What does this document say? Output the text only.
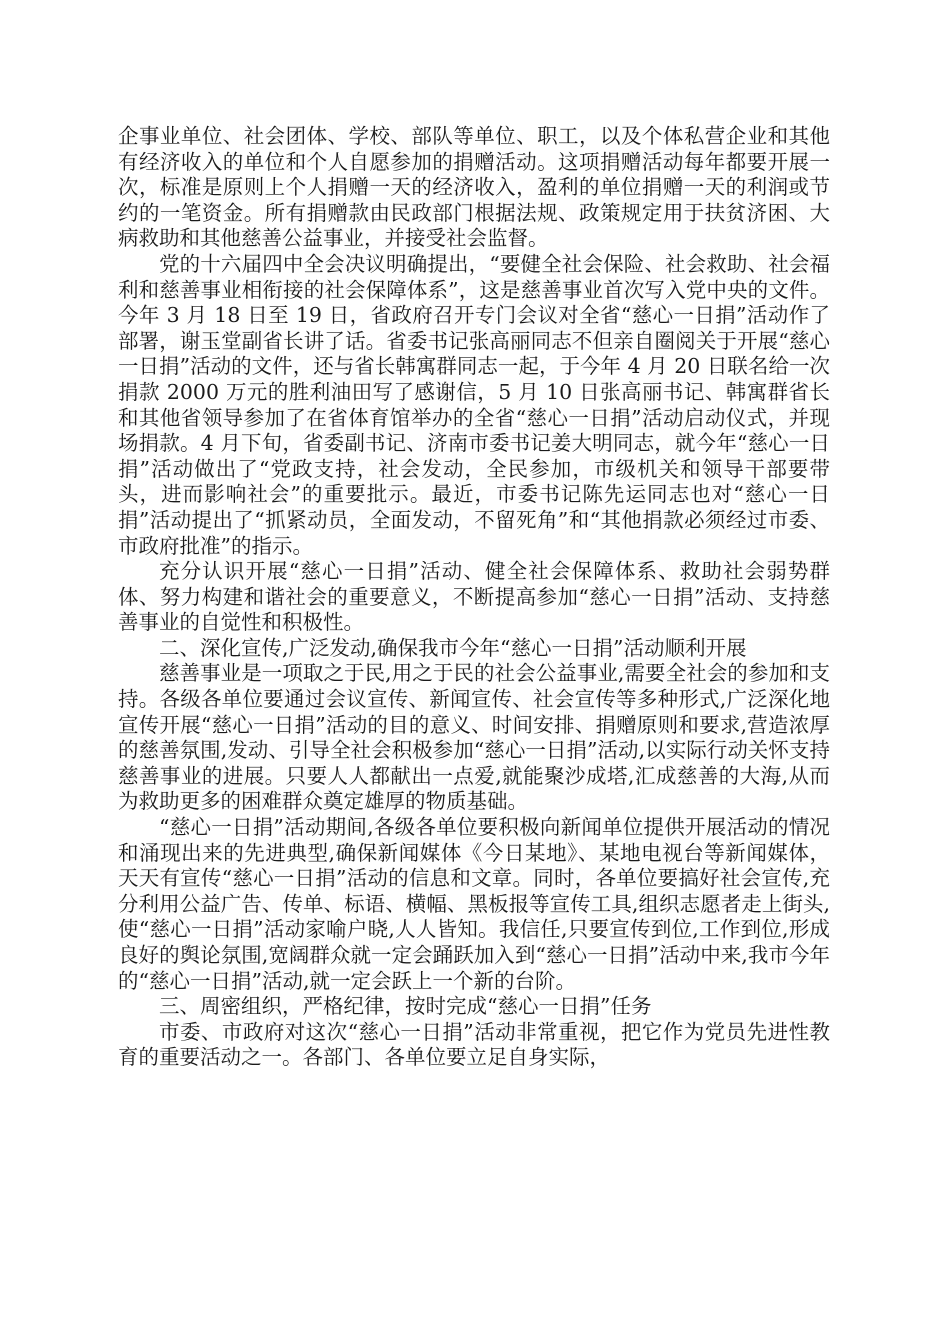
企事业单位、社会团体、学校、部队等单位、职工，以及个体私营企业和其他有经济收入的单位和个人自愿参加的捐赠活动。这项捐赠活动每年都要开展一次，标准是原则上个人捐赠一天的经济收入，盈利的单位捐赠一天的利润或节约的一笔资金。所有捐赠款由民政部门根据法规、政策规定用于扶贫济困、大病救助和其他慈善公益事业，并接受社会监督。

党的十六届四中全会决议明确提出，“要健全社会保险、社会救助、社会福利和慈善事业相衔接的社会保障体系”，这是慈善事业首次写入党中央的文件。今年 3 月 18 日至 19 日，省政府召开专门会议对全省“慈心一日捐”活动作了部署，谢玉堂副省长讲了话。省委书记张高丽同志不但亲自圈阅关于开展“慈心一日捐”活动的文件，还与省长韩寓群同志一起，于今年 4 月 20 日联名给一次捐款 2000 万元的胜利油田写了感谢信，5 月 10 日张高丽书记、韩寓群省长和其他省领导参加了在省体育馆举办的全省“慈心一日捐”活动启动仪式，并现场捐款。4 月下旬，省委副书记、济南市委书记姜大明同志，就今年“慈心一日捐”活动做出了“党政支持，社会发动，全民参加，市级机关和领导干部要带头，进而影响社会”的重要批示。最近，市委书记陈先运同志也对“慈心一日捐”活动提出了“抓紧动员，全面发动，不留死角”和“其他捐款必须经过市委、市政府批准”的指示。

充分认识开展“慈心一日捐”活动、健全社会保障体系、救助社会弱势群体、努力构建和谐社会的重要意义，不断提高参加“慈心一日捐”活动、支持慈善事业的自觉性和积极性。

二、深化宣传,广泛发动,确保我市今年“慈心一日捐”活动顺利开展

慈善事业是一项取之于民,用之于民的社会公益事业,需要全社会的参加和支持。各级各单位要通过会议宣传、新闻宣传、社会宣传等多种形式,广泛深化地宣传开展“慈心一日捐”活动的目的意义、时间安排、捐赠原则和要求,营造浓厚的慈善氛围,发动、引导全社会积极参加“慈心一日捐”活动,以实际行动关怀支持慈善事业的进展。只要人人都献出一点爱,就能聚沙成塔,汇成慈善的大海,从而为救助更多的困难群众奠定雄厚的物质基础。

“慈心一日捐”活动期间,各级各单位要积极向新闻单位提供开展活动的情况和涌现出来的先进典型,确保新闻媒体《今日某地》、某地电视台等新闻媒体，天天有宣传“慈心一日捐”活动的信息和文章。同时，各单位要搞好社会宣传,充分利用公益广告、传单、标语、横幅、黑板报等宣传工具,组织志愿者走上街头,使“慈心一日捐”活动家喻户晓,人人皆知。我信任,只要宣传到位,工作到位,形成良好的舆论氛围,宽阔群众就一定会踊跃加入到“慈心一日捐”活动中来,我市今年的“慈心一日捐”活动,就一定会跃上一个新的台阶。

三、周密组织，严格纪律，按时完成“慈心一日捐”任务

市委、市政府对这次“慈心一日捐”活动非常重视，把它作为党员先进性教育的重要活动之一。各部门、各单位要立足自身实际，
